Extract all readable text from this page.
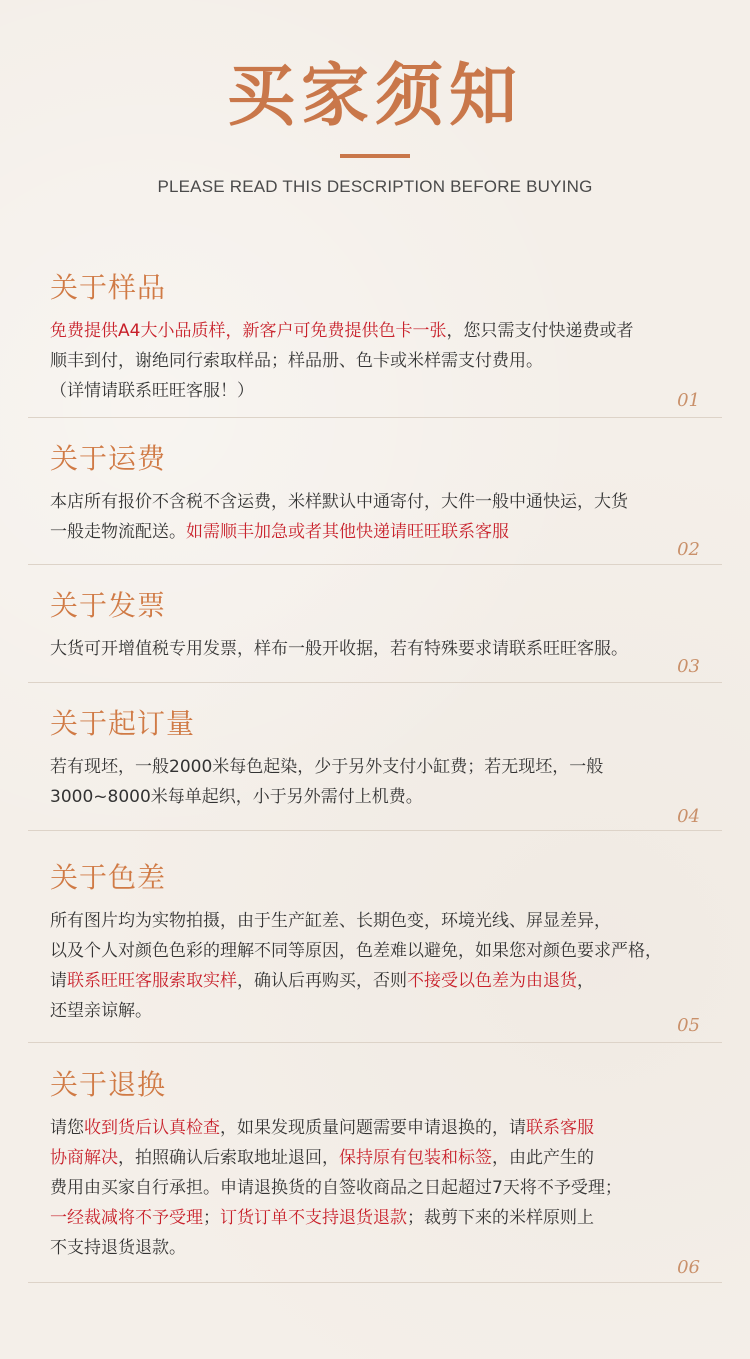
买家须知
PLEASE READ THIS DESCRIPTION BEFORE BUYING
关于样品

免费提供A4大小品质样，新客户可免费提供色卡一张，您只需支付快递费或者

顺丰到付，谢绝同行索取样品；样品册、色卡或米样需支付费用。

（详情请联系旺旺客服！）	01
关于运费

本店所有报价不含税不含运费，米样默认中通寄付，大件一般中通快运，大货

一般走物流配送。如需顺丰加急或者其他快递请旺旺联系客服

02
关于发票

大货可开增值税专用发票，样布一般开收据，若有特殊要求请联系旺旺客服。

03
关于起订量

若有现坯，一般2000米每色起染，少于另外支付小缸费；若无现坯，一般

3000~8000米每单起织，小于另外需付上机费。

04
关于色差

所有图片均为实物拍摄，由于生产缸差、长期色变，环境光线、屏显差异，

以及个人对颜色色彩的理解不同等原因，色差难以避免，如果您对颜色要求严格，

请联系旺旺客服索取实样，确认后再购买，否则不接受以色差为由退货，

还望亲谅解。

05
关于退换

请您收到货后认真检查，如果发现质量问题需要申请退换的，请联系客服

协商解决，拍照确认后索取地址退回，保持原有包装和标签，由此产生的

费用由买家自行承担。申请退换货的自签收商品之日起超过7天将不予受理；

一经裁减将不予受理；订货订单不支持退货退款；裁剪下来的米样原则上

不支持退货退款。

06
